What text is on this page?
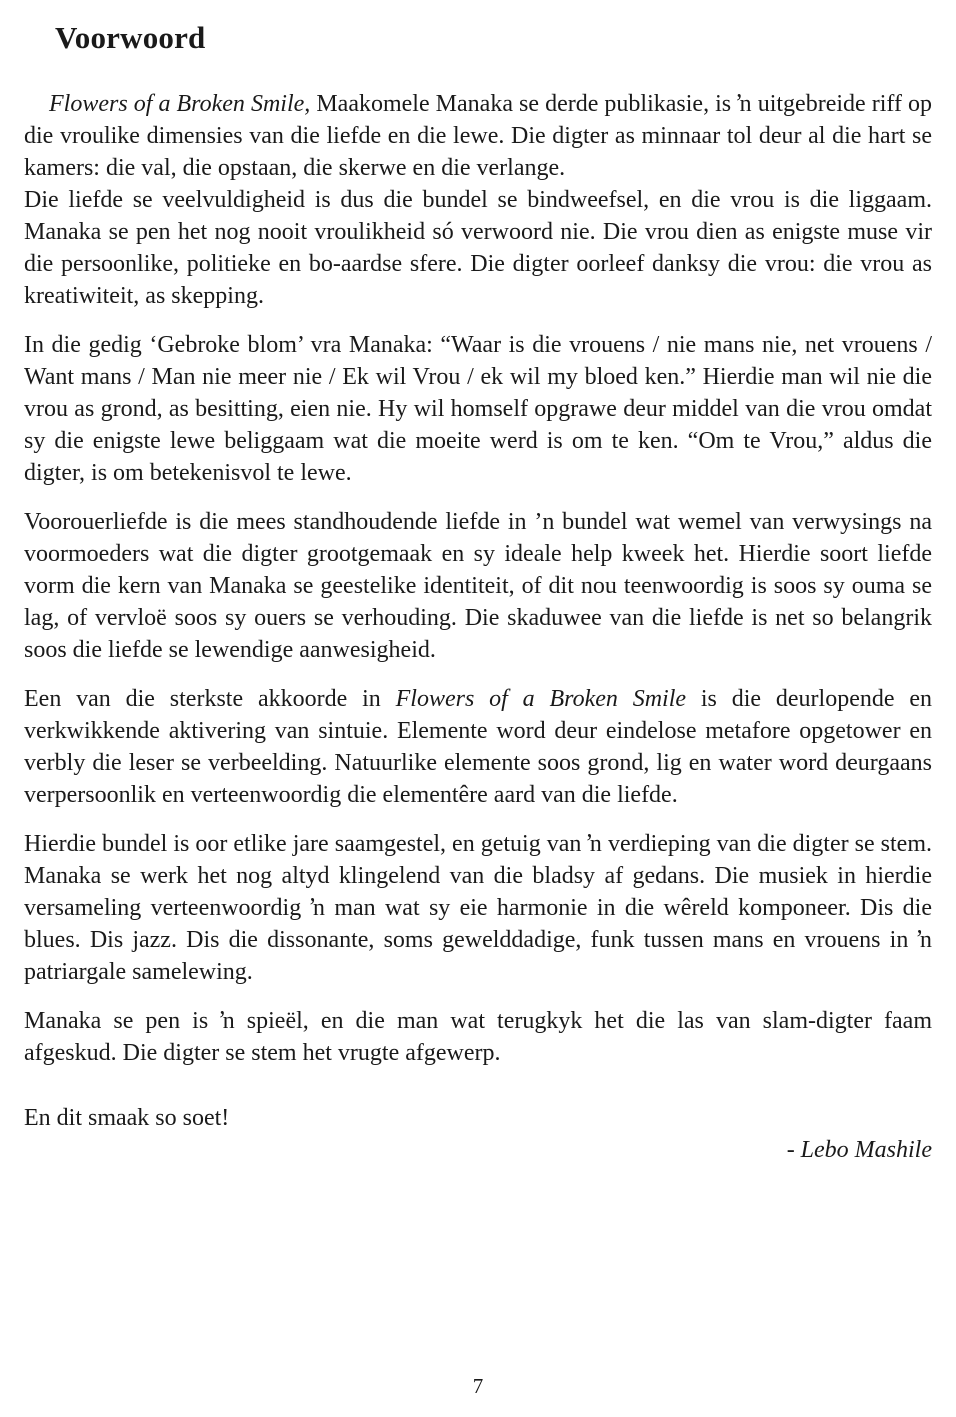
Voorwoord

Flowers of a Broken Smile, Maakomele Manaka se derde publikasie, is ŉ uitgebreide riff op die vroulike dimensies van die liefde en die lewe. Die digter as minnaar tol deur al die hart se kamers: die val, die opstaan, die skerwe en die verlange.

Die liefde se veelvuldigheid is dus die bundel se bindweefsel, en die vrou is die liggaam. Manaka se pen het nog nooit vroulikheid só verwoord nie. Die vrou dien as enigste muse vir die persoonlike, politieke en bo-aardse sfere. Die digter oorleef danksy die vrou: die vrou as kreatiwiteit, as skepping.

In die gedig ‘Gebroke blom’ vra Manaka: “Waar is die vrouens / nie mans nie, net vrouens / Want mans / Man nie meer nie / Ek wil Vrou / ek wil my bloed ken.” Hierdie man wil nie die vrou as grond, as besitting, eien nie. Hy wil homself opgrawe deur middel van die vrou omdat sy die enigste lewe beliggaam wat die moeite werd is om te ken. “Om te Vrou,” aldus die digter, is om betekenisvol te lewe.

Voorouerliefde is die mees standhoudende liefde in ’n bundel wat wemel van verwysings na voormoeders wat die digter grootgemaak en sy ideale help kweek het. Hierdie soort liefde vorm die kern van Manaka se geestelike identiteit, of dit nou teenwoordig is soos sy ouma se lag, of vervloë soos sy ouers se verhouding. Die skaduwee van die liefde is net so belangrik soos die liefde se lewendige aanwesigheid.

Een van die sterkste akkoorde in Flowers of a Broken Smile is die deurlopende en verkwikkende aktivering van sintuie. Elemente word deur eindelose metafore opgetower en verbly die leser se verbeelding. Natuurlike elemente soos grond, lig en water word deurgaans verpersoonlik en verteenwoordig die elementêre aard van die liefde.

Hierdie bundel is oor etlike jare saamgestel, en getuig van ŉ verdieping van die digter se stem. Manaka se werk het nog altyd klingelend van die bladsy af gedans. Die musiek in hierdie versameling verteenwoordig ŉ man wat sy eie harmonie in die wêreld komponeer. Dis die blues. Dis jazz. Dis die dissonante, soms gewelddadige, funk tussen mans en vrouens in ŉ patriargale samelewing.

Manaka se pen is ŉ spieël, en die man wat terugkyk het die las van slam-digter faam afgeskud. Die digter se stem het vrugte afgewerp.

En dit smaak so soet!

- Lebo Mashile

7
